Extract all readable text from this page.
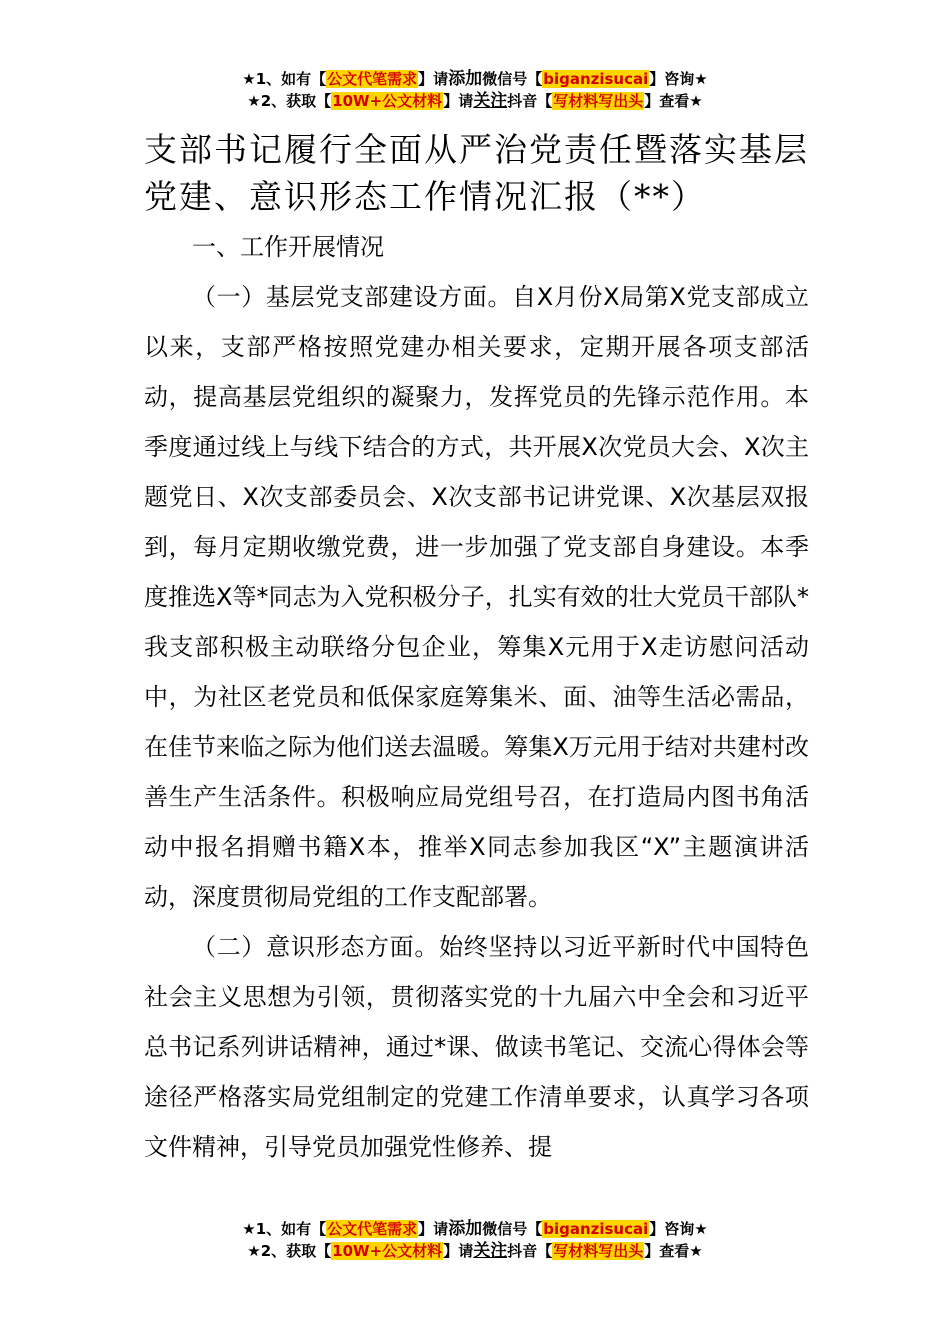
★1、如有【公文代笔需求】请添加微信号【biganzisucai】咨询★
★2、获取【10W+公文材料】请关注抖音【写材料写出头】查看★
支部书记履行全面从严治党责任暨落实基层党建、意识形态工作情况汇报（**）

一、工作开展情况

（一）基层党支部建设方面。自X月份X局第X党支部成立以来，支部严格按照党建办相关要求，定期开展各项支部活动，提高基层党组织的凝聚力，发挥党员的先锋示范作用。本季度通过线上与线下结合的方式，共开展X次党员大会、X次主题党日、X次支部委员会、X次支部书记讲党课、X次基层双报到，每月定期收缴党费，进一步加强了党支部自身建设。本季度推选X等*同志为入党积极分子，扎实有效的壮大党员干部队*我支部积极主动联络分包企业，筹集X元用于X走访慰问活动中，为社区老党员和低保家庭筹集米、面、油等生活必需品，在佳节来临之际为他们送去温暖。筹集X万元用于结对共建村改善生产生活条件。积极响应局党组号召，在打造局内图书角活动中报名捐赠书籍X本，推举X同志参加我区“X”主题演讲活动，深度贯彻局党组的工作支配部署。

（二）意识形态方面。始终坚持以习近平新时代中国特色社会主义思想为引领，贯彻落实党的十九届六中全会和习近平总书记系列讲话精神，通过*课、做读书笔记、交流心得体会等途径严格落实局党组制定的党建工作清单要求，认真学习各项文件精神，引导党员加强党性修养、提

★1、如有【公文代笔需求】请添加微信号【biganzisucai】咨询★
★2、获取【10W+公文材料】请关注抖音【写材料写出头】查看★
